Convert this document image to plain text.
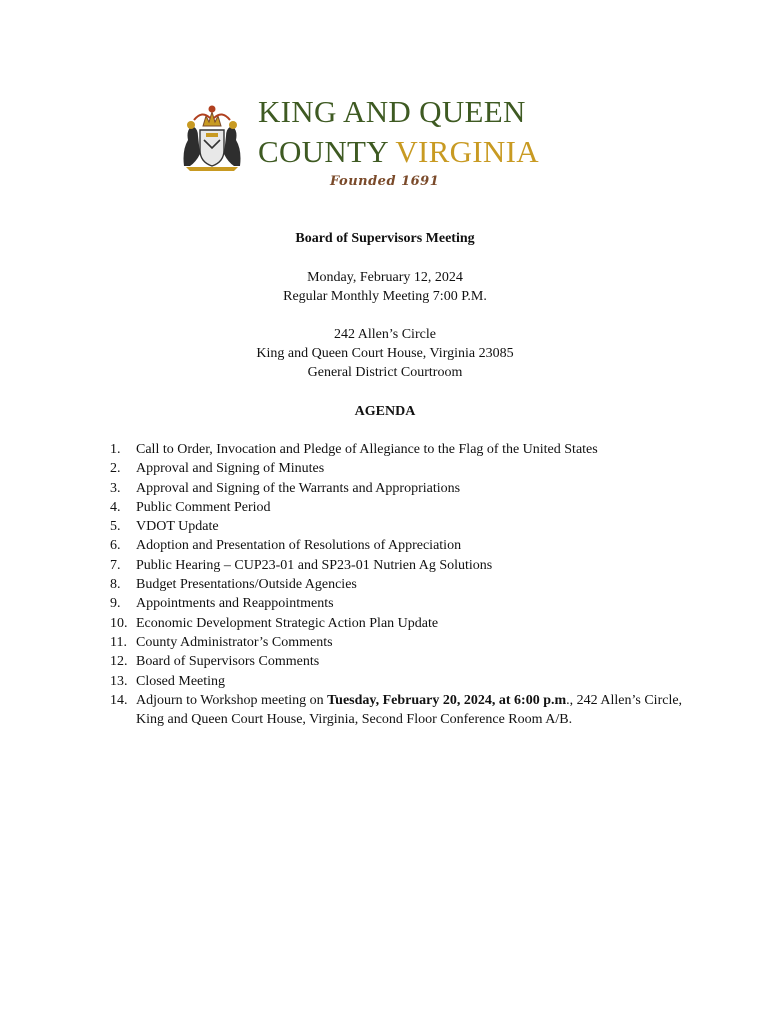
KING AND QUEEN
COUNTY VIRGINIA
Founded 1691
Board of Supervisors Meeting
Monday, February 12, 2024
Regular Monthly Meeting 7:00 P.M.
242 Allen’s Circle
King and Queen Court House, Virginia 23085
General District Courtroom
AGENDA
1.	Call to Order, Invocation and Pledge of Allegiance to the Flag of the United States
2.	Approval and Signing of Minutes
3.	Approval and Signing of the Warrants and Appropriations
4.	Public Comment Period
5.	VDOT Update
6.	Adoption and Presentation of Resolutions of Appreciation
7.	Public Hearing – CUP23-01 and SP23-01 Nutrien Ag Solutions
8.	Budget Presentations/Outside Agencies
9.	Appointments and Reappointments
10. Economic Development Strategic Action Plan Update
11. County Administrator’s Comments
12. Board of Supervisors Comments
13. Closed Meeting
14. Adjourn to Workshop meeting on Tuesday, February 20, 2024, at 6:00 p.m., 242 Allen’s Circle, King and Queen Court House, Virginia, Second Floor Conference Room A/B.
